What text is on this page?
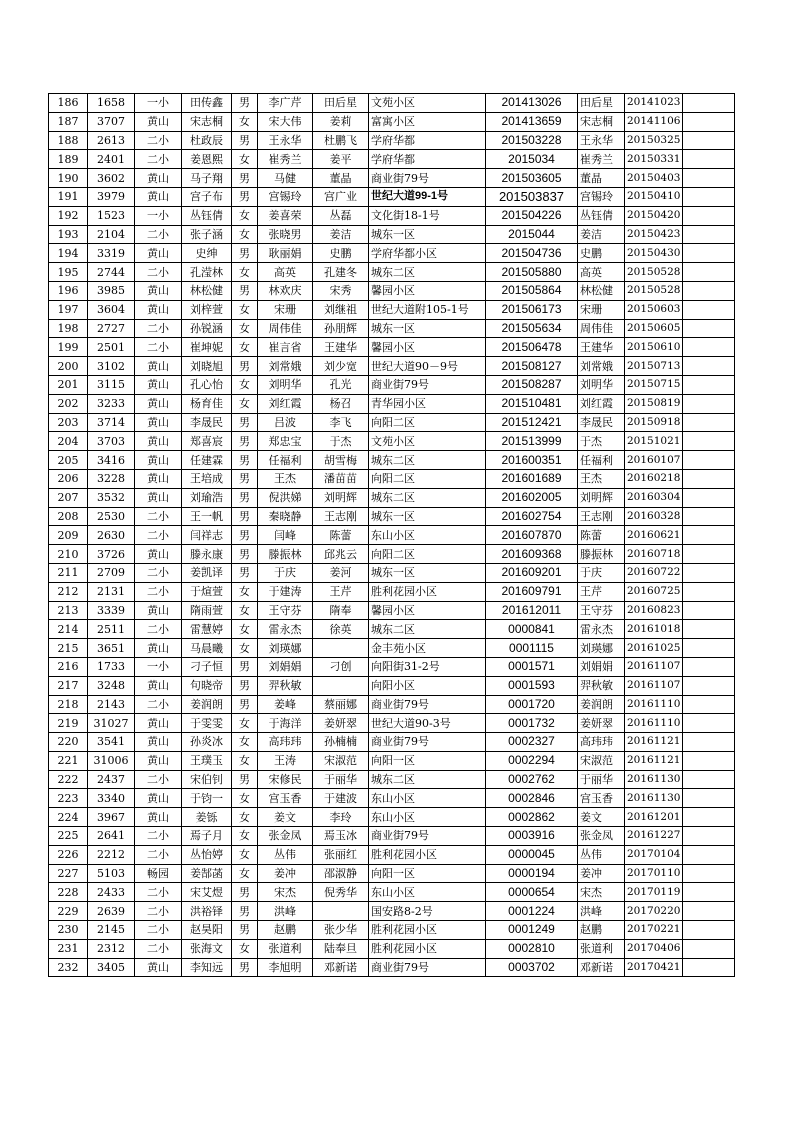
186	1658	一小	田传鑫	男	李广芹	田后星	文苑小区	201413026	田后星	20141023	
187	3707	黄山	宋志桐	女	宋大伟	姜莉	富寓小区	201413659	宋志桐	20141106	
188	2613	二小	杜政辰	男	王永华	杜鹏飞	学府华都	201503228	王永华	20150325	
189	2401	二小	姜恩熙	女	崔秀兰	姜平	学府华都	2015034	崔秀兰	20150331	
190	3602	黄山	马子翔	男	马健	董晶	商业街79号	201503605	董晶	20150403	
191	3979	黄山	宫子布	男	宫锡玲	宫广业	世纪大道99-1号	201503837	宫锡玲	20150410	
192	1523	一小	丛钰倩	女	姜喜荣	丛磊	文化街18-1号	201504226	丛钰倩	20150420	
193	2104	二小	张子涵	女	张晓男	姜洁	城东一区	2015044	姜洁	20150423	
194	3319	黄山	史绅	男	耿丽娟	史鹏	学府华都小区	201504736	史鹏	20150430	
195	2744	二小	孔滢林	女	高英	孔建冬	城东二区	201505880	高英	20150528	
196	3985	黄山	林松健	男	林欢庆	宋秀	馨园小区	201505864	林松健	20150528	
197	3604	黄山	刘梓萱	女	宋珊	刘继祖	世纪大道附105-1号	201506173	宋珊	20150603	
198	2727	二小	孙锐涵	女	周伟佳	孙朋辉	城东一区	201505634	周伟佳	20150605	
199	2501	二小	崔坤妮	女	崔言省	王建华	馨园小区	201506478	王建华	20150610	
200	3102	黄山	刘晓旭	男	刘常娥	刘少宽	世纪大道90－9号	201508127	刘常娥	20150713	
201	3115	黄山	孔心怡	女	刘明华	孔光	商业街79号	201508287	刘明华	20150715	
202	3233	黄山	杨育佳	女	刘红霞	杨召	青华园小区	201510481	刘红霞	20150819	
203	3714	黄山	李晟民	男	吕波	李飞	向阳二区	201512421	李晟民	20150918	
204	3703	黄山	郑喜宸	男	郑忠宝	于杰	文苑小区	201513999	于杰	20151021	
205	3416	黄山	任建霖	男	任福利	胡雪梅	城东二区	201600351	任福利	20160107	
206	3228	黄山	王培成	男	王杰	潘苗苗	向阳二区	201601689	王杰	20160218	
207	3532	黄山	刘瑜浩	男	倪洪娣	刘明辉	城东二区	201602005	刘明辉	20160304	
208	2530	二小	王一帆	男	秦晓静	王志刚	城东一区	201602754	王志刚	20160328	
209	2630	二小	闫祥志	男	闫峰	陈蕾	东山小区	201607870	陈蕾	20160621	
210	3726	黄山	滕永康	男	滕振林	邱兆云	向阳二区	201609368	滕振林	20160718	
211	2709	二小	姜凯译	男	于庆	姜河	城东一区	201609201	于庆	20160722	
212	2131	二小	于煊萱	女	于建涛	王芹	胜利花园小区	201609791	王芹	20160725	
213	3339	黄山	隋雨萱	女	王守芬	隋奉	馨园小区	201612011	王守芬	20160823	
214	2511	二小	雷慧婷	女	雷永杰	徐英	城东二区	0000841	雷永杰	20161018	
215	3651	黄山	马晨曦	女	刘瑛娜		金丰苑小区	0001115	刘瑛娜	20161025	
216	1733	一小	刁子恒	男	刘娟娟	刁创	向阳街31-2号	0001571	刘娟娟	20161107	
217	3248	黄山	句晓帝	男	羿秋敏		向阳小区	0001593	羿秋敏	20161107	
218	2143	二小	姜润朗	男	姜峰	蔡丽娜	商业街79号	0001720	姜润朗	20161110	
219	31027	黄山	于雯雯	女	于海洋	姜妍翠	世纪大道90-3号	0001732	姜妍翠	20161110	
220	3541	黄山	孙炎冰	女	高玮玮	孙楠楠	商业街79号	0002327	高玮玮	20161121	
221	31006	黄山	王璞玉	女	王涛	宋淑范	向阳一区	0002294	宋淑范	20161121	
222	2437	二小	宋伯钊	男	宋修民	于丽华	城东二区	0002762	于丽华	20161130	
223	3340	黄山	于钧一	女	宫玉香	于建波	东山小区	0002846	宫玉香	20161130	
224	3967	黄山	姜铄	女	姜文	李玲	东山小区	0002862	姜文	20161201	
225	2641	二小	焉子月	女	张金凤	焉玉冰	商业街79号	0003916	张金凤	20161227	
226	2212	二小	丛怡婷	女	丛伟	张丽红	胜利花园小区	0000045	丛伟	20170104	
227	5103	畅园	姜郜菡	女	姜冲	邵淑静	向阳一区	0000194	姜冲	20170110	
228	2433	二小	宋艾煜	男	宋杰	倪秀华	东山小区	0000654	宋杰	20170119	
229	2639	二小	洪裕铎	男	洪峰		国安路8-2号	0001224	洪峰	20170220	
230	2145	二小	赵昊阳	男	赵鹏	张少华	胜利花园小区	0001249	赵鹏	20170221	
231	2312	二小	张海文	女	张道利	陆奉旦	胜利花园小区	0002810	张道利	20170406	
232	3405	黄山	李知远	男	李旭明	邓新诺	商业街79号	0003702	邓新诺	20170421	
